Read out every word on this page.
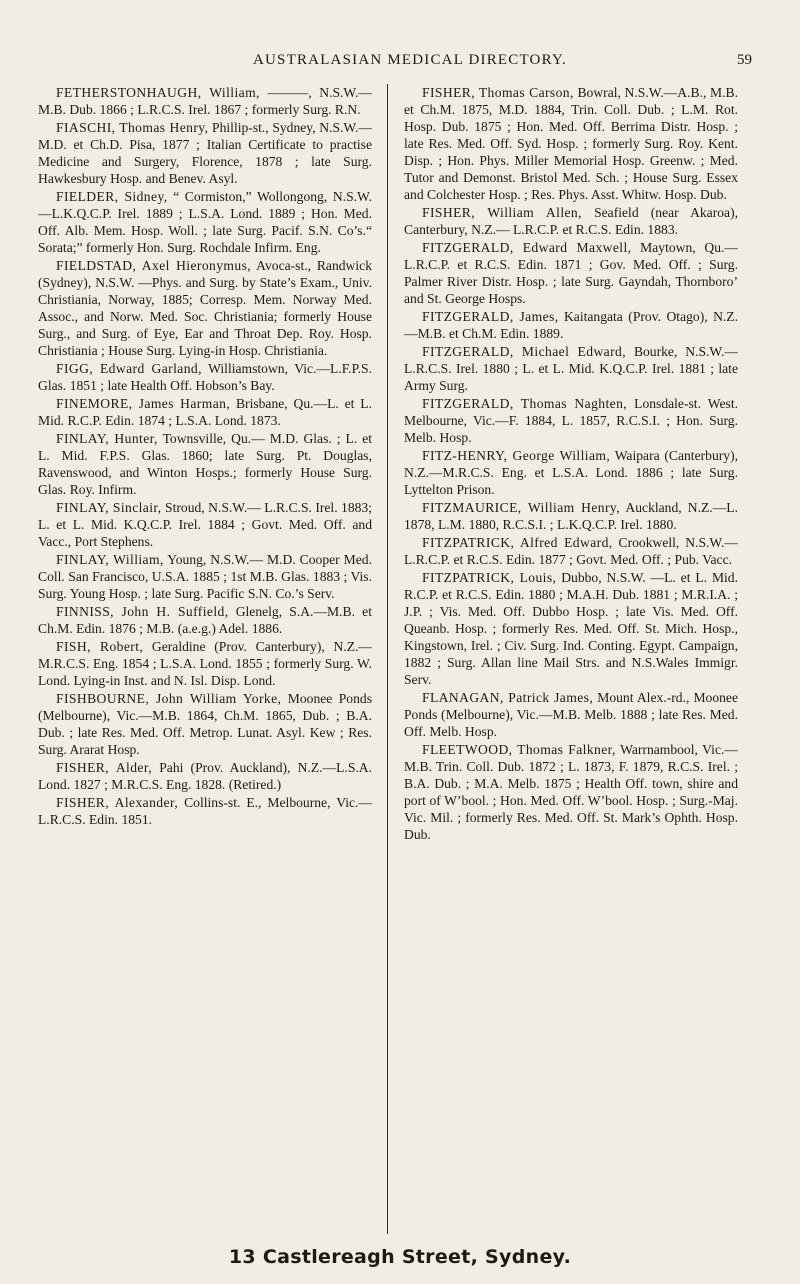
AUSTRALASIAN MEDICAL DIRECTORY.	59

FETHERSTONHAUGH, William, ———, N.S.W.—M.B. Dub. 1866 ; L.R.C.S. Irel. 1867 ; formerly Surg. R.N.

FIASCHI, Thomas Henry, Phillip-st., Sydney, N.S.W.—M.D. et Ch.D. Pisa, 1877 ; Italian Certificate to practise Medicine and Surgery, Florence, 1878 ; late Surg. Hawkesbury Hosp. and Benev. Asyl.

FIELDER, Sidney, “ Cormiston,” Wollongong, N.S.W.—L.K.Q.C.P. Irel. 1889 ; L.S.A. Lond. 1889 ; Hon. Med. Off. Alb. Mem. Hosp. Woll. ; late Surg. Pacif. S.N. Co’s.“ Sorata;” formerly Hon. Surg. Rochdale Infirm. Eng.

FIELDSTAD, Axel Hieronymus, Avoca-st., Randwick (Sydney), N.S.W. —Phys. and Surg. by State’s Exam., Univ. Christiania, Norway, 1885; Corresp. Mem. Norway Med. Assoc., and Norw. Med. Soc. Christiania; formerly House Surg., and Surg. of Eye, Ear and Throat Dep. Roy. Hosp. Christiania ; House Surg. Lying-in Hosp. Christiania.

FIGG, Edward Garland, Williamstown, Vic.—L.F.P.S. Glas. 1851 ; late Health Off. Hobson’s Bay.

FINEMORE, James Harman, Brisbane, Qu.—L. et L. Mid. R.C.P. Edin. 1874 ; L.S.A. Lond. 1873.

FINLAY, Hunter, Townsville, Qu.— M.D. Glas. ; L. et L. Mid. F.P.S. Glas. 1860; late Surg. Pt. Douglas, Ravenswood, and Winton Hosps.; formerly House Surg. Glas. Roy. Infirm.

FINLAY, Sinclair, Stroud, N.S.W.— L.R.C.S. Irel. 1883; L. et L. Mid. K.Q.C.P. Irel. 1884 ; Govt. Med. Off. and Vacc., Port Stephens.

FINLAY, William, Young, N.S.W.— M.D. Cooper Med. Coll. San Francisco, U.S.A. 1885 ; 1st M.B. Glas. 1883 ; Vis. Surg. Young Hosp. ; late Surg. Pacific S.N. Co.’s Serv.

FINNISS, John H. Suffield, Glenelg, S.A.—M.B. et Ch.M. Edin. 1876 ; M.B. (a.e.g.) Adel. 1886.

FISH, Robert, Geraldine (Prov. Canterbury), N.Z.—M.R.C.S. Eng. 1854 ; L.S.A. Lond. 1855 ; formerly Surg. W. Lond. Lying-in Inst. and N. Isl. Disp. Lond.

FISHBOURNE, John William Yorke, Moonee Ponds (Melbourne), Vic.—M.B. 1864, Ch.M. 1865, Dub. ; B.A. Dub. ; late Res. Med. Off. Metrop. Lunat. Asyl. Kew ; Res. Surg. Ararat Hosp.

FISHER, Alder, Pahi (Prov. Auckland), N.Z.—L.S.A. Lond. 1827 ; M.R.C.S. Eng. 1828. (Retired.)

FISHER, Alexander, Collins-st. E., Melbourne, Vic.—L.R.C.S. Edin. 1851.

FISHER, Thomas Carson, Bowral, N.S.W.—A.B., M.B. et Ch.M. 1875, M.D. 1884, Trin. Coll. Dub. ; L.M. Rot. Hosp. Dub. 1875 ; Hon. Med. Off. Berrima Distr. Hosp. ; late Res. Med. Off. Syd. Hosp. ; formerly Surg. Roy. Kent. Disp. ; Hon. Phys. Miller Memorial Hosp. Greenw. ; Med. Tutor and Demonst. Bristol Med. Sch. ; House Surg. Essex and Colchester Hosp. ; Res. Phys. Asst. Whitw. Hosp. Dub.

FISHER, William Allen, Seafield (near Akaroa), Canterbury, N.Z.— L.R.C.P. et R.C.S. Edin. 1883.

FITZGERALD, Edward Maxwell, Maytown, Qu.—L.R.C.P. et R.C.S. Edin. 1871 ; Gov. Med. Off. ; Surg. Palmer River Distr. Hosp. ; late Surg. Gayndah, Thornboro’ and St. George Hosps.

FITZGERALD, James, Kaitangata (Prov. Otago), N.Z.—M.B. et Ch.M. Edin. 1889.

FITZGERALD, Michael Edward, Bourke, N.S.W.—L.R.C.S. Irel. 1880 ; L. et L. Mid. K.Q.C.P. Irel. 1881 ; late Army Surg.

FITZGERALD, Thomas Naghten, Lonsdale-st. West. Melbourne, Vic.—F. 1884, L. 1857, R.C.S.I. ; Hon. Surg. Melb. Hosp.

FITZ-HENRY, George William, Waipara (Canterbury), N.Z.—M.R.C.S. Eng. et L.S.A. Lond. 1886 ; late Surg. Lyttelton Prison.

FITZMAURICE, William Henry, Auckland, N.Z.—L. 1878, L.M. 1880, R.C.S.I. ; L.K.Q.C.P. Irel. 1880.

FITZPATRICK, Alfred Edward, Crookwell, N.S.W.—L.R.C.P. et R.C.S. Edin. 1877 ; Govt. Med. Off. ; Pub. Vacc.

FITZPATRICK, Louis, Dubbo, N.S.W. —L. et L. Mid. R.C.P. et R.C.S. Edin. 1880 ; M.A.H. Dub. 1881 ; M.R.I.A. ; J.P. ; Vis. Med. Off. Dubbo Hosp. ; late Vis. Med. Off. Queanb. Hosp. ; formerly Res. Med. Off. St. Mich. Hosp., Kingstown, Irel. ; Civ. Surg. Ind. Conting. Egypt. Campaign, 1882 ; Surg. Allan line Mail Strs. and N.S.Wales Immigr. Serv.

FLANAGAN, Patrick James, Mount Alex.-rd., Moonee Ponds (Melbourne), Vic.—M.B. Melb. 1888 ; late Res. Med. Off. Melb. Hosp.

FLEETWOOD, Thomas Falkner, Warrnambool, Vic.—M.B. Trin. Coll. Dub. 1872 ; L. 1873, F. 1879, R.C.S. Irel. ; B.A. Dub. ; M.A. Melb. 1875 ; Health Off. town, shire and port of W’bool. ; Hon. Med. Off. W’bool. Hosp. ; Surg.-Maj. Vic. Mil. ; formerly Res. Med. Off. St. Mark’s Ophth. Hosp. Dub.

13 Castlereagh Street, Sydney.
